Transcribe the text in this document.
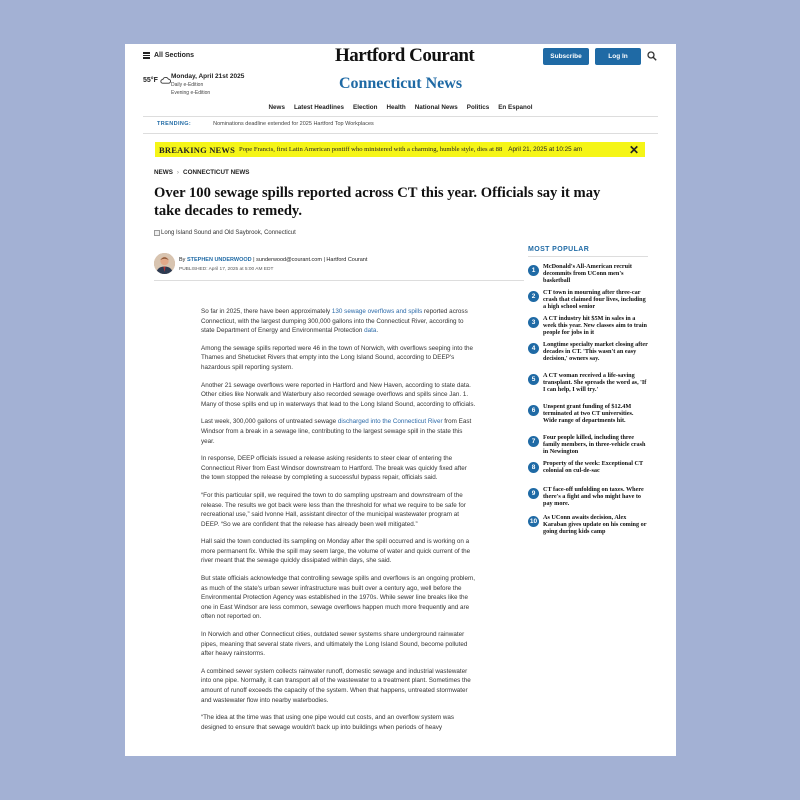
All Sections	Hartford Courant	Subscribe	Log In
55°F Monday, April 21st 2025
Daily e-Edition
Evening e-Edition
Connecticut News
News Latest Headlines Election Health National News Politics En Espanol
TRENDING:	Nominations deadline extended for 2025 Hartford Top Workplaces
BREAKING NEWS Pope Francis, first Latin American pontiff who ministered with a charming, humble style, dies at 88 April 21, 2025 at 10:25 am	✕
NEWS › CONNECTICUT NEWS
Over 100 sewage spills reported across CT this year. Officials say it may take decades to remedy.
Long Island Sound and Old Saybrook, Connecticut
By STEPHEN UNDERWOOD | sunderwood@courant.com | Hartford Courant
PUBLISHED: April 17, 2025 at 5:00 AM EDT

So far in 2025, there have been approximately 130 sewage overflows and spills reported across Connecticut, with the largest dumping 300,000 gallons into the Connecticut River, according to state Department of Energy and Environmental Protection data.

Among the sewage spills reported were 46 in the town of Norwich, with overflows seeping into the Thames and Shetucket Rivers that empty into the Long Island Sound, according to DEEP's hazardous spill reporting system.

Another 21 sewage overflows were reported in Hartford and New Haven, according to state data. Other cities like Norwalk and Waterbury also recorded sewage overflows and spills since Jan. 1. Many of those spills end up in waterways that lead to the Long Island Sound, according to officials.

Last week, 300,000 gallons of untreated sewage discharged into the Connecticut River from East Windsor from a break in a sewage line, contributing to the largest sewage spill in the state this year.

In response, DEEP officials issued a release asking residents to steer clear of entering the Connecticut River from East Windsor downstream to Hartford. The break was quickly fixed after the town stopped the release by completing a successful bypass repair, officials said.

“For this particular spill, we required the town to do sampling upstream and downstream of the release. The results we got back were less than the threshold for what we require to be safe for recreational use,” said Ivonne Hall, assistant director of the municipal wastewater program at DEEP. “So we are confident that the release has already been well mitigated.”

Hall said the town conducted its sampling on Monday after the spill occurred and is working on a more permanent fix. While the spill may seem large, the volume of water and quick current of the river meant that the sewage quickly dissipated within days, she said.

But state officials acknowledge that controlling sewage spills and overflows is an ongoing problem, as much of the state's urban sewer infrastructure was built over a century ago, well before the Environmental Protection Agency was established in the 1970s. While sewer line breaks like the one in East Windsor are less common, sewage overflows happen much more frequently and are often not reported on.

In Norwich and other Connecticut cities, outdated sewer systems share underground rainwater pipes, meaning that several state rivers, and ultimately the Long Island Sound, become polluted after heavy rainstorms.

A combined sewer system collects rainwater runoff, domestic sewage and industrial wastewater into one pipe. Normally, it can transport all of the wastewater to a treatment plant. Sometimes the amount of runoff exceeds the capacity of the system. When that happens, untreated stormwater and wastewater flow into nearby waterbodies.

“The idea at the time was that using one pipe would cut costs, and an overflow system was designed to ensure that sewage wouldn't back up into buildings when periods of heavy

MOST POPULAR
1
McDonald's All-American recruit decommits from UConn men's basketball
2
CT town in mourning after three-car crash that claimed four lives, including a high school senior
3
A CT industry hit $5M in sales in a week this year. New classes aim to train people for jobs in it
4
Longtime specialty market closing after decades in CT. 'This wasn't an easy decision,' owners say.
5
A CT woman received a life-saving transplant. She spreads the word as, 'If I can help, I will try.'
6
Unspent grant funding of $12.4M terminated at two CT universities. Wide range of departments hit.
7
Four people killed, including three family members, in three-vehicle crash in Newington
8
Property of the week: Exceptional CT colonial on cul-de-sac
9
CT face-off unfolding on taxes. Where there's a fight and who might have to pay more.
10
As UConn awaits decision, Alex Karaban gives update on his coming or going during kids camp
